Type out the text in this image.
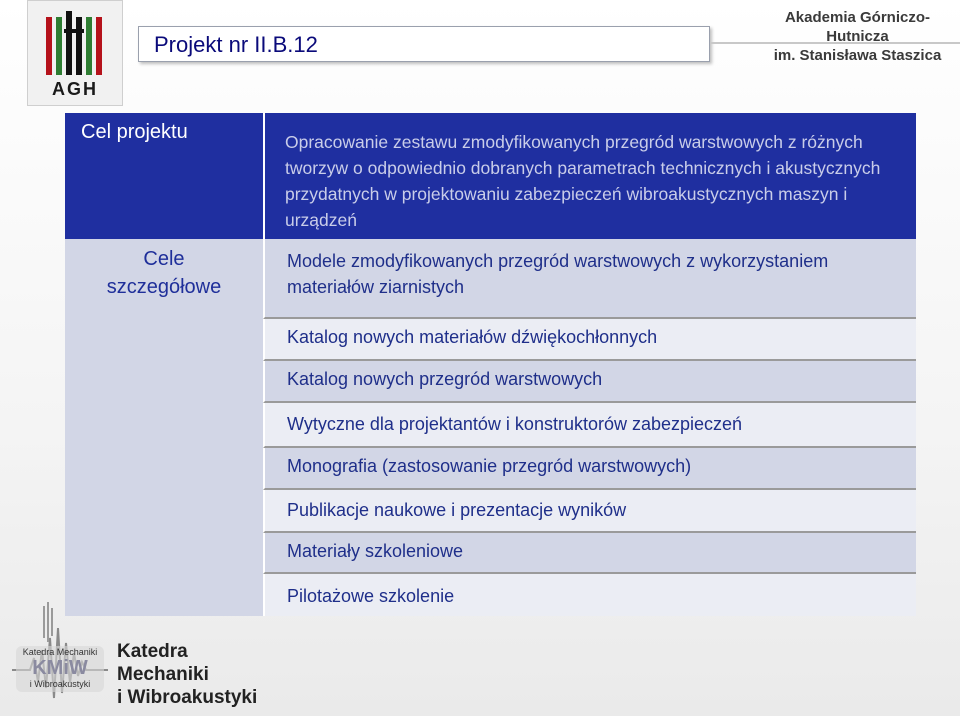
AGH
Projekt nr II.B.12
Akademia Górniczo-Hutnicza
im. Stanisława Staszica
Cel projektu
Cele
szczegółowe

Opracowanie zestawu zmodyfikowanych przegród warstwowych z różnych tworzyw o odpowiednio dobranych parametrach technicznych i akustycznych przydatnych w projektowaniu zabezpieczeń wibroakustycznych maszyn i urządzeń

Modele zmodyfikowanych przegród warstwowych z wykorzystaniem materiałów ziarnistych
Katalog nowych materiałów dźwiękochłonnych
Katalog nowych przegród warstwowych
Wytyczne dla projektantów i konstruktorów zabezpieczeń
Monografia (zastosowanie przegród warstwowych)
Publikacje naukowe i prezentacje wyników
Materiały szkoleniowe
Pilotażowe szkolenie
Katedra Mechaniki
KMiW
i Wibroakustyki
Katedra
Mechaniki
i Wibroakustyki
